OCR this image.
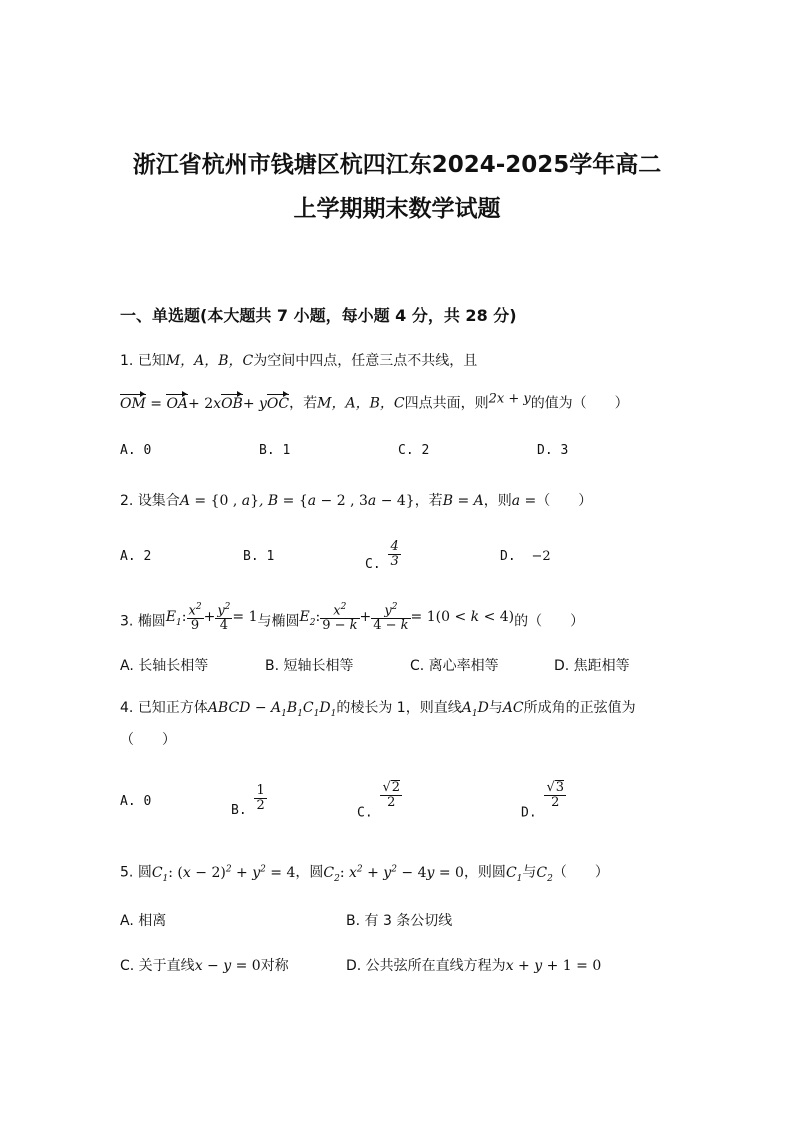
浙江省杭州市钱塘区杭四江东2024-2025学年高二
上学期期末数学试题
一、单选题(本大题共 7 小题，每小题 4 分，共 28 分)
1. 已知M，A，B，C为空间中四点，任意三点不共线，且
OM = OA+ 2xOB+ yOC，若M，A，B，C四点共面，则$^{2x + y}$的值为（　　）
A. 0	B. 1	C. 2	D. 3
2. 设集合A = {0 , a}, B = {a − 2 , 3a − 4}，若B = A，则a =（　　）
A. 2	B. 1
C. $\frac{4}{3}$	D. −2
3. 椭圆$E_1$: $\frac{x^2}{9} + \frac{y^2}{4} = 1$与椭圆$E_2$: $\frac{x^2}{9 - k} + \frac{y^2}{4 - k} = 1(0 < k < 4)$的（　　）
A. 长轴长相等	B. 短轴长相等	C. 离心率相等	D. 焦距相等
4. 已知正方体ABCD − $A_1B_1C_1D_1$的棱长为 1，则直线$A_1D$与AC所成角的正弦值为
（　　）
A. 0
B. $\frac{1}{2}$	C.
$\frac{√2}{2}$
D.
$\frac{√3}{2}$
5. 圆$C_1$: $(x - 2)^2 + y^2 = 4$，圆$C_2$: $x^2 + y^2 - 4y = 0$，则圆$C_1$与$C_2$（　　）
A. 相离	B. 有 3 条公切线
C. 关于直线x − y = 0对称	D. 公共弦所在直线方程为x + y + 1 = 0
